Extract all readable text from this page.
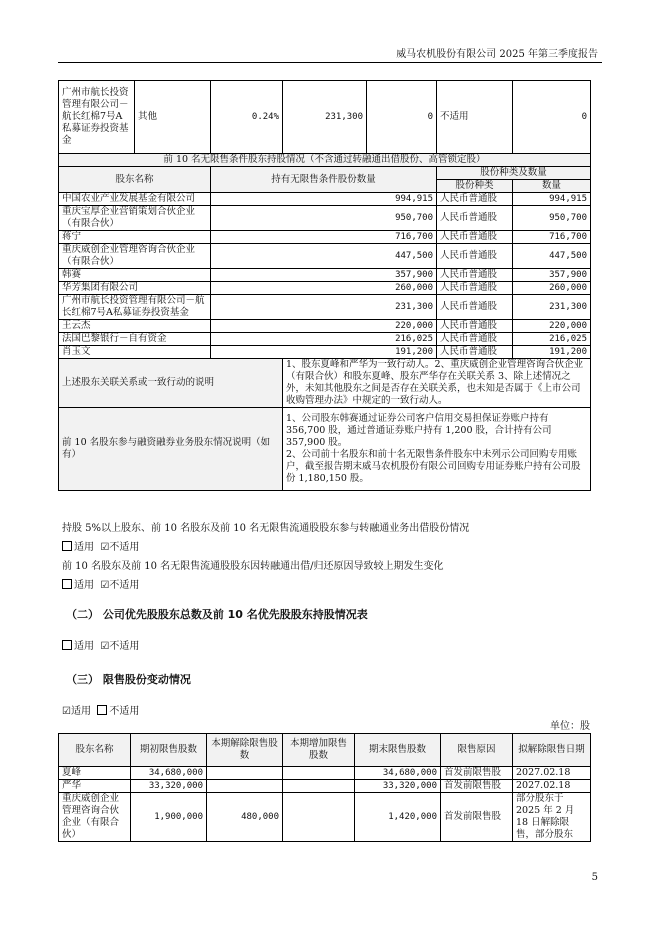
威马农机股份有限公司 2025 年第三季度报告
广州市航长投资管理有限公司－航长红棉7号A私募证券投资基金	其他	0.24%	231,300	0	不适用	0
前 10 名无限售条件股东持股情况（不含通过转融通出借股份、高管锁定股）						
股东名称		持有无限售条件股份数量			股份种类及数量	
					股份种类	数量
中国农业产业发展基金有限公司		994,915			人民币普通股	994,915
重庆宝厚企业营销策划合伙企业（有限合伙）		950,700			人民币普通股	950,700
蒋宁		716,700			人民币普通股	716,700
重庆威创企业管理咨询合伙企业（有限合伙）		447,500			人民币普通股	447,500
韩赛		357,900			人民币普通股	357,900
华芳集团有限公司		260,000			人民币普通股	260,000
广州市航长投资管理有限公司－航长红棉7号A私募证券投资基金		231,300			人民币普通股	231,300
王云杰		220,000			人民币普通股	220,000
法国巴黎银行－自有资金		216,025			人民币普通股	216,025
肖玉文		191,200			人民币普通股	191,200
上述股东关联关系或一致行动的说明			1、股东夏峰和严华为一致行动人。2、重庆威创企业管理咨询合伙企业（有限合伙）和股东夏峰、股东严华存在关联关系 3、除上述情况之外，未知其他股东之间是否存在关联关系，也未知是否属于《上市公司收购管理办法》中规定的一致行动人。			
前 10 名股东参与融资融券业务股东情况说明（如有）			1、公司股东韩赛通过证券公司客户信用交易担保证券账户持有 356,700 股，通过普通证券账户持有 1,200 股，合计持有公司 357,900 股。
2、公司前十名股东和前十名无限售条件股东中未列示公司回购专用账户，截至报告期末威马农机股份有限公司回购专用证券账户持有公司股份 1,180,150 股。			
持股 5%以上股东、前 10 名股东及前 10 名无限售流通股股东参与转融通业务出借股份情况
适用 ☑不适用
前 10 名股东及前 10 名无限售流通股股东因转融通出借/归还原因导致较上期发生变化
适用 ☑不适用
（二） 公司优先股股东总数及前 10 名优先股股东持股情况表
适用 ☑不适用
（三） 限售股份变动情况
☑适用 不适用
单位：股
股东名称	期初限售股数	本期解除限售股数	本期增加限售股数	期末限售股数	限售原因	拟解除限售日期
夏峰	34,680,000			34,680,000	首发前限售股	2027.02.18
严华	33,320,000			33,320,000	首发前限售股	2027.02.18
重庆威创企业管理咨询合伙企业（有限合伙）	1,900,000	480,000		1,420,000	首发前限售股	部分股东于 2025 年 2 月 18 日解除限售，部分股东
5
